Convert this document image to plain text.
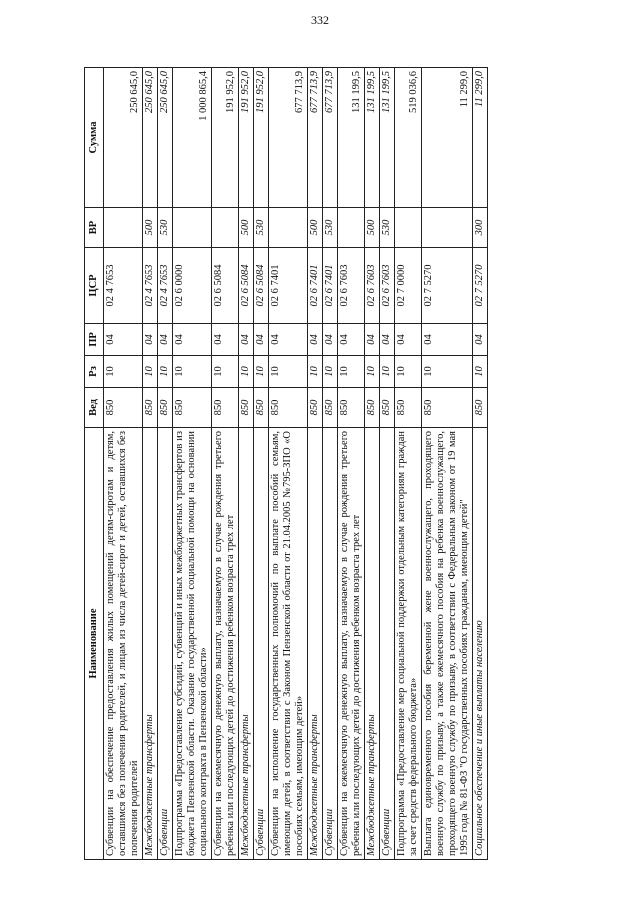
332
Наименование	Вед	Рз	ПР	ЦСР	ВР	Сумма
Субвенции на обеспечение предоставления жилых помещений детям-сиротам и детям, оставшимся без попечения родителей, и лицам из числа детей-сирот и детей, оставшихся без попечения родителей	850	10	04	02 4 7653		250 645,0
Межбюджетные трансферты	850	10	04	02 4 7653	500	250 645,0
Субвенции	850	10	04	02 4 7653	530	250 645,0
Подпрограмма «Предоставление субсидий, субвенций и иных межбюджетных трансфертов из бюджета Пензенской области. Оказание государственной социальной помощи на основании социального контракта в Пензенской области»	850	10	04	02 6 0000		1 000 865,4
Субвенции на ежемесячную денежную выплату, назначаемую в случае рождения третьего ребенка или последующих детей до достижения ребенком возраста трех лет	850	10	04	02 6 5084		191 952,0
Межбюджетные трансферты	850	10	04	02 6 5084	500	191 952,0
Субвенции	850	10	04	02 6 5084	530	191 952,0
Субвенции на исполнение государственных полномочий по выплате пособий семьям, имеющим детей, в соответствии с Законом Пензенской области от 21.04.2005 №795-ЗПО «О пособиях семьям, имеющим детей»	850	10	04	02 6 7401		677 713,9
Межбюджетные трансферты	850	10	04	02 6 7401	500	677 713,9
Субвенции	850	10	04	02 6 7401	530	677 713,9
Субвенции на ежемесячную денежную выплату, назначаемую в случае рождения третьего ребенка или последующих детей до достижения ребенком возраста трех лет	850	10	04	02 6 7603		131 199,5
Межбюджетные трансферты	850	10	04	02 6 7603	500	131 199,5
Субвенции	850	10	04	02 6 7603	530	131 199,5
Подпрограмма «Предоставление мер социальной поддержки отдельным категориям граждан за счет средств федерального бюджета»	850	10	04	02 7 0000		519 036,6
Выплата единовременного пособия беременной жене военнослужащего, проходящего военную службу по призыву, а также ежемесячного пособия на ребенка военнослужащего, проходящего военную службу по призыву, в соответствии с Федеральным законом от 19 мая 1995 года № 81-ФЗ "О государственных пособиях гражданам, имеющим детей"	850	10	04	02 7 5270		11 299,0
Социальное обеспечение и иные выплаты населению	850	10	04	02 7 5270	300	11 299,0
